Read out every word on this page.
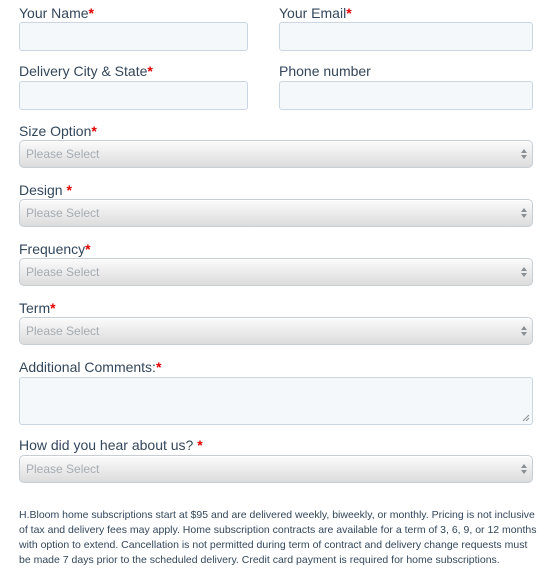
Your Name*	Your Email*
Delivery City & State*	Phone number
Size Option*
Please Select
Design *
Please Select
Frequency*
Please Select
Term*
Please Select
Additional Comments:*
How did you hear about us? *
Please Select

H.Bloom home subscriptions start at $95 and are delivered weekly, biweekly, or monthly. Pricing is not inclusive of tax and delivery fees may apply. Home subscription contracts are available for a term of 3, 6, 9, or 12 months with option to extend. Cancellation is not permitted during term of contract and delivery change requests must be made 7 days prior to the scheduled delivery. Credit card payment is required for home subscriptions.
